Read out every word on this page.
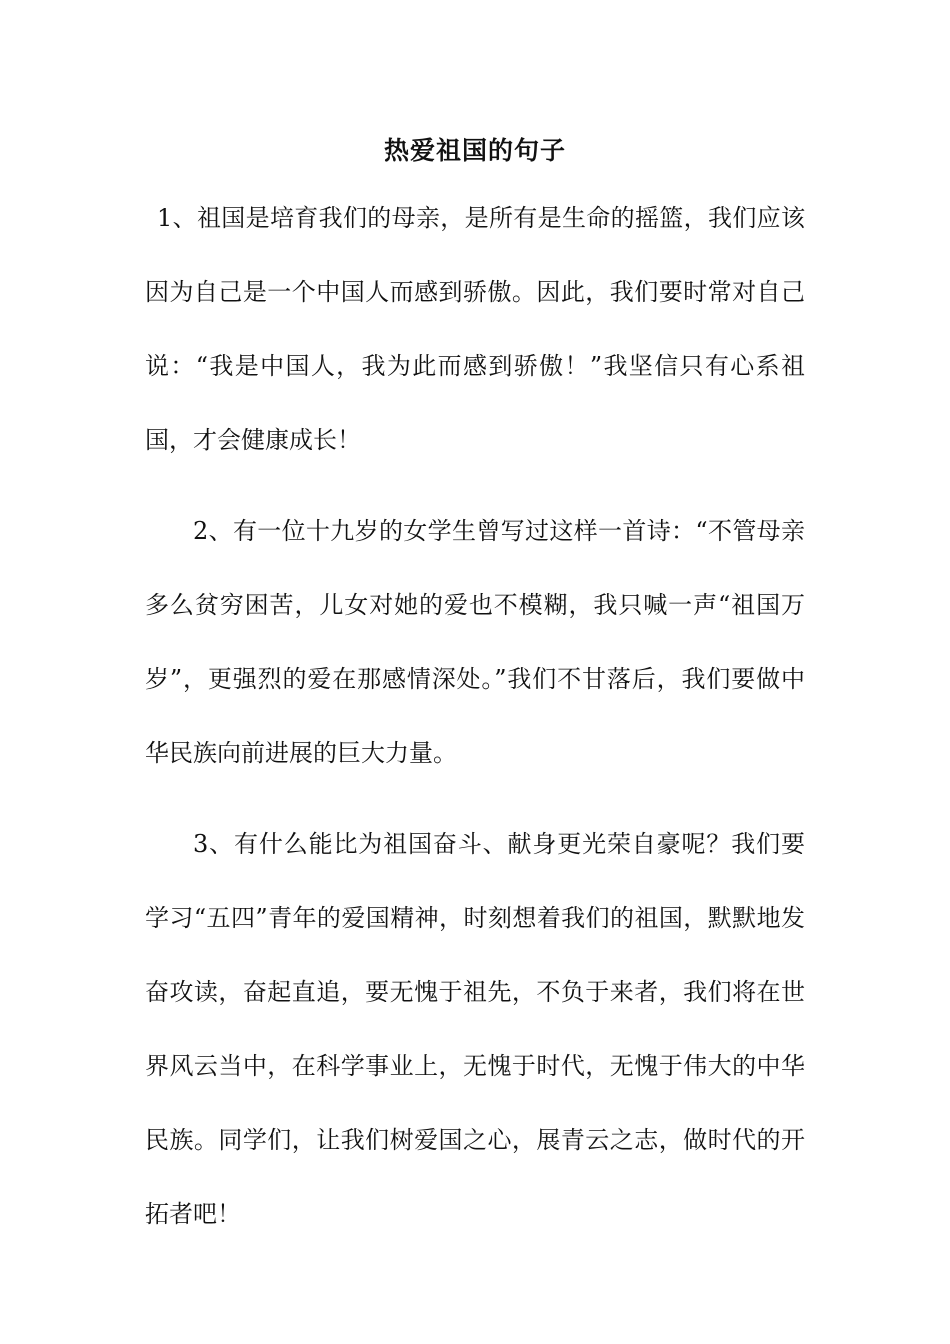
热爱祖国的句子

1、祖国是培育我们的母亲，是所有是生命的摇篮，我们应该因为自己是一个中国人而感到骄傲。因此，我们要时常对自己说：“我是中国人，我为此而感到骄傲！”我坚信只有心系祖国，才会健康成长！

2、有一位十九岁的女学生曾写过这样一首诗：“不管母亲多么贫穷困苦，儿女对她的爱也不模糊，我只喊一声“祖国万岁”，更强烈的爱在那感情深处。”我们不甘落后，我们要做中华民族向前进展的巨大力量。

3、有什么能比为祖国奋斗、献身更光荣自豪呢？我们要学习“五四”青年的爱国精神，时刻想着我们的祖国，默默地发奋攻读，奋起直追，要无愧于祖先，不负于来者，我们将在世界风云当中，在科学事业上，无愧于时代，无愧于伟大的中华民族。同学们，让我们树爱国之心，展青云之志，做时代的开拓者吧！
